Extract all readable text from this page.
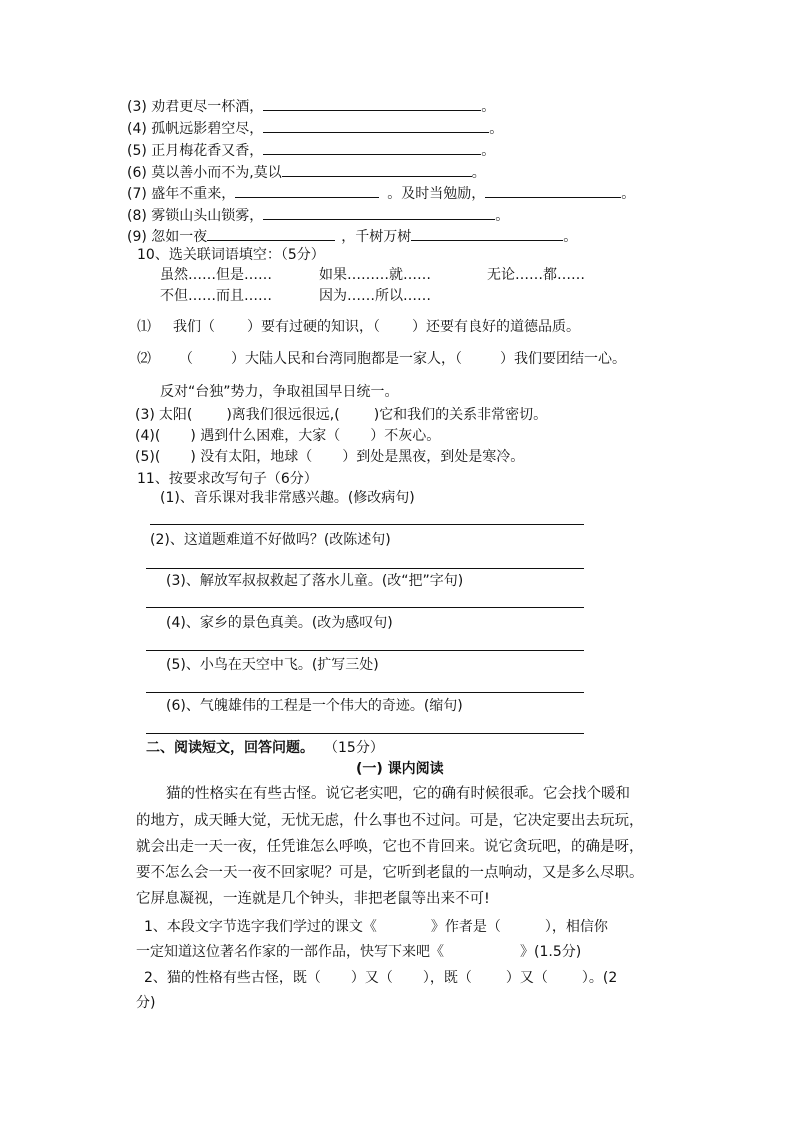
(3) 劝君更尽一杯酒，	。
(4) 孤帆远影碧空尽，	。
(5) 正月梅花香又香，	。
(6) 莫以善小而不为,莫以	。
(7) 盛年不重来，	。及时当勉励，	。
(8) 雾锁山头山锁雾，	。
(9) 忽如一夜	，千树万树	。
10、选关联词语填空：（5分）
虽然……但是……	如果………就……	无论……都……
不但……而且……	因为……所以……
⑴ 我们（ ）要有过硬的知识，（ ）还要有良好的道德品质。
⑵ （	）大陆人民和台湾同胞都是一家人，（	）我们要团结一心。
反对“台独”势力，争取祖国早日统一。
(3) 太阳( )离我们很远很远,( )它和我们的关系非常密切。
(4)( ) 遇到什么困难，大家（ ）不灰心。
(5)( ) 没有太阳，地球（ ）到处是黑夜，到处是寒冷。
11、按要求改写句子（6分）
(1)、音乐课对我非常感兴趣。(修改病句)
(2)、这道题难道不好做吗？(改陈述句)
(3)、解放军叔叔救起了落水儿童。(改“把”字句)
(4)、家乡的景色真美。(改为感叹句)
(5)、小鸟在天空中飞。(扩写三处)
(6)、气魄雄伟的工程是一个伟大的奇迹。(缩句)
二、阅读短文，回答问题。 （15分）
(一) 课内阅读
猫的性格实在有些古怪。说它老实吧，它的确有时候很乖。它会找个暖和
的地方，成天睡大觉，无忧无虑，什么事也不过问。可是，它决定要出去玩玩，
就会出走一天一夜，任凭谁怎么呼唤，它也不肯回来。说它贪玩吧，的确是呀，
要不怎么会一天一夜不回家呢？可是，它听到老鼠的一点响动，又是多么尽职。
它屏息凝视，一连就是几个钟头，非把老鼠等出来不可!
1、本段文字节选字我们学过的课文《	》作者是（	），相信你
一定知道这位著名作家的一部作品，快写下来吧《	》(1.5分)
2、猫的性格有些古怪，既（ ）又（ ），既（ ）又（ ）。(2
分)
